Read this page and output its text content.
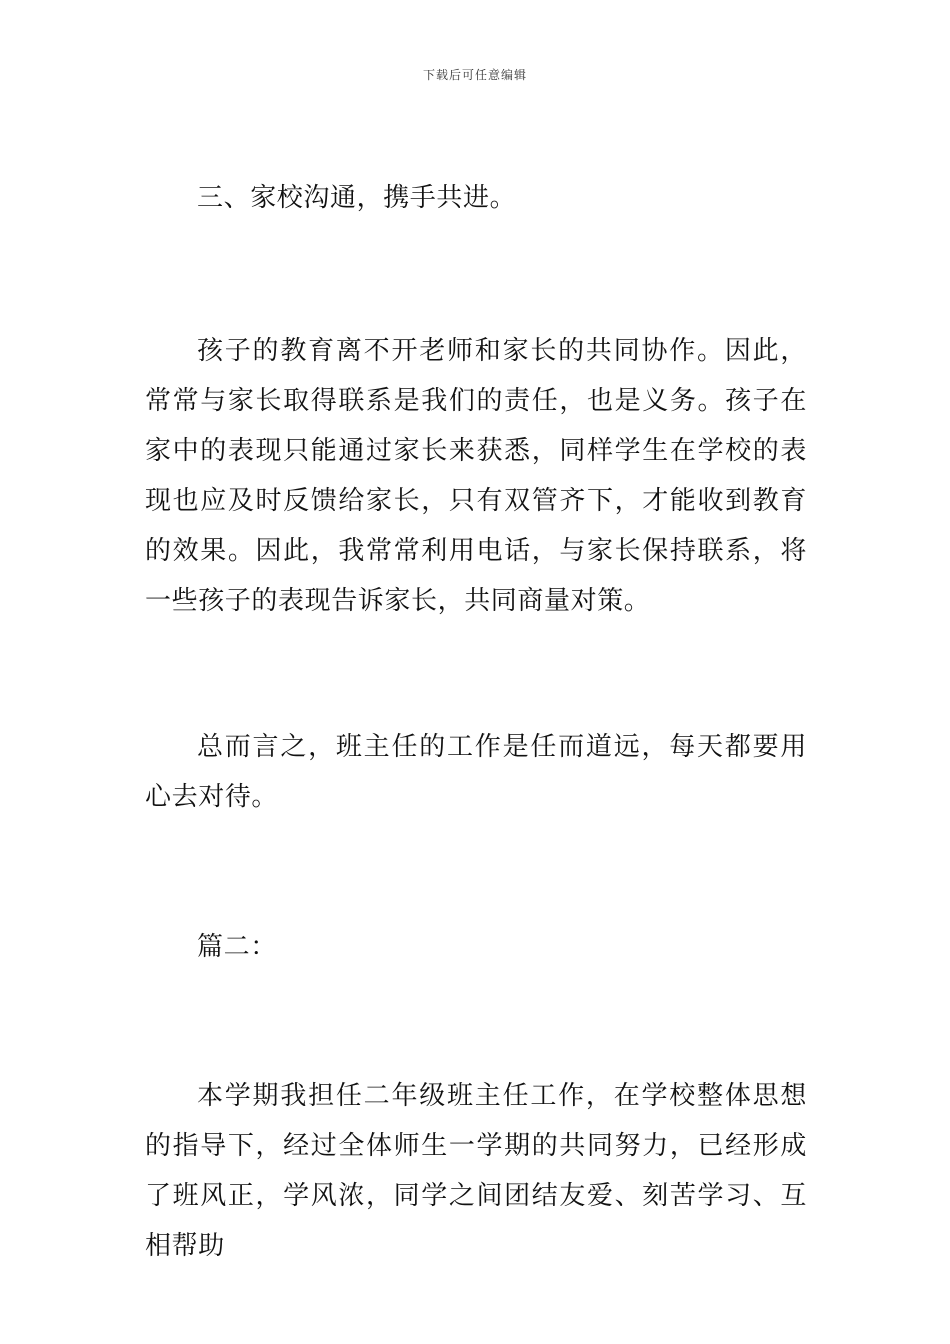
下载后可任意编辑

三、家校沟通，携手共进。

孩子的教育离不开老师和家长的共同协作。因此，常常与家长取得联系是我们的责任，也是义务。孩子在家中的表现只能通过家长来获悉，同样学生在学校的表现也应及时反馈给家长，只有双管齐下，才能收到教育的效果。因此，我常常利用电话，与家长保持联系，将一些孩子的表现告诉家长，共同商量对策。

总而言之，班主任的工作是任而道远，每天都要用心去对待。

篇二：

本学期我担任二年级班主任工作，在学校整体思想的指导下，经过全体师生一学期的共同努力，已经形成了班风正，学风浓，同学之间团结友爱、刻苦学习、互相帮助
